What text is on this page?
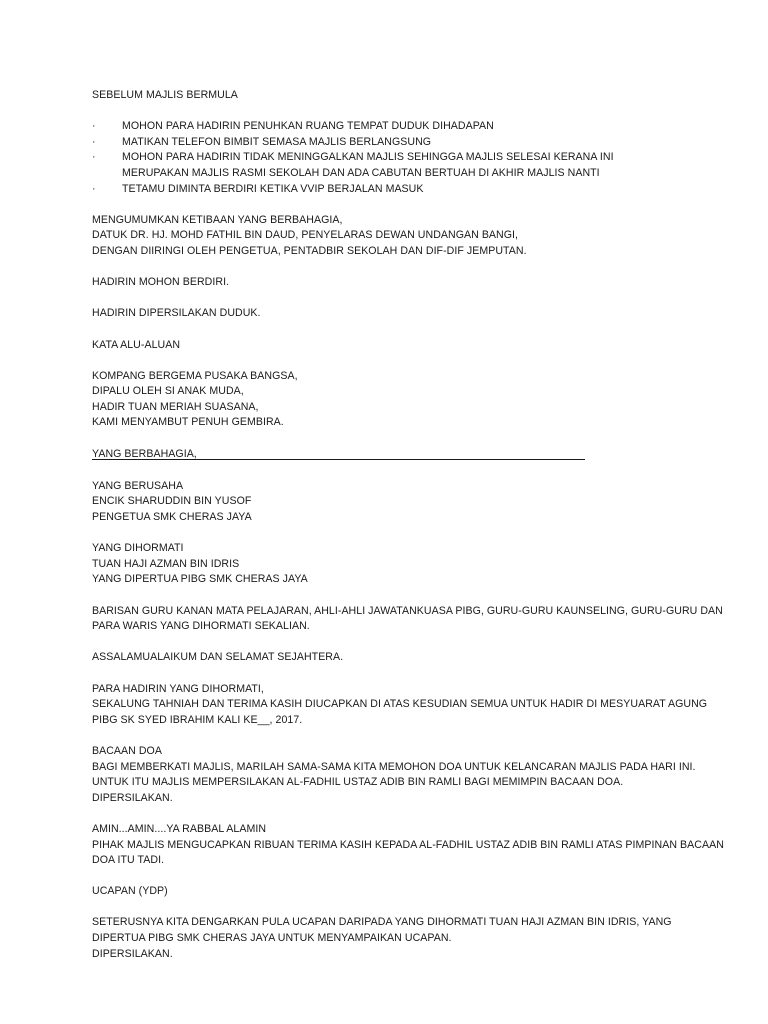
SEBELUM MAJLIS BERMULA
·	MOHON PARA HADIRIN PENUHKAN RUANG TEMPAT DUDUK DIHADAPAN
·	MATIKAN TELEFON BIMBIT SEMASA MAJLIS BERLANGSUNG
·	MOHON PARA HADIRIN TIDAK MENINGGALKAN MAJLIS SEHINGGA MAJLIS SELESAI KERANA INI
MERUPAKAN MAJLIS RASMI SEKOLAH DAN ADA CABUTAN BERTUAH DI AKHIR MAJLIS NANTI
·	TETAMU DIMINTA BERDIRI KETIKA VVIP BERJALAN MASUK
MENGUMUMKAN KETIBAAN YANG BERBAHAGIA,
DATUK DR. HJ. MOHD FATHIL BIN DAUD, PENYELARAS DEWAN UNDANGAN BANGI,
DENGAN DIIRINGI OLEH PENGETUA, PENTADBIR SEKOLAH DAN DIF-DIF JEMPUTAN.
HADIRIN MOHON BERDIRI.
HADIRIN DIPERSILAKAN DUDUK.
KATA ALU-ALUAN
KOMPANG BERGEMA PUSAKA BANGSA,
DIPALU OLEH SI ANAK MUDA,
HADIR TUAN MERIAH SUASANA,
KAMI MENYAMBUT PENUH GEMBIRA.
YANG BERBAHAGIA,
YANG BERUSAHA
ENCIK SHARUDDIN BIN YUSOF
PENGETUA SMK CHERAS JAYA
YANG DIHORMATI
TUAN HAJI AZMAN BIN IDRIS
YANG DIPERTUA PIBG SMK CHERAS JAYA
BARISAN GURU KANAN MATA PELAJARAN, AHLI-AHLI JAWATANKUASA PIBG, GURU-GURU KAUNSELING, GURU-GURU DAN
PARA WARIS YANG DIHORMATI SEKALIAN.
ASSALAMUALAIKUM DAN SELAMAT SEJAHTERA.
PARA HADIRIN YANG DIHORMATI,
SEKALUNG TAHNIAH DAN TERIMA KASIH DIUCAPKAN DI ATAS KESUDIAN SEMUA UNTUK HADIR DI MESYUARAT AGUNG
PIBG SK SYED IBRAHIM KALI KE__, 2017.
BACAAN DOA
BAGI MEMBERKATI MAJLIS, MARILAH SAMA-SAMA KITA MEMOHON DOA UNTUK KELANCARAN MAJLIS PADA HARI INI.
UNTUK ITU MAJLIS MEMPERSILAKAN AL-FADHIL USTAZ ADIB BIN RAMLI BAGI MEMIMPIN BACAAN DOA.
DIPERSILAKAN.
AMIN...AMIN....YA RABBAL ALAMIN
PIHAK MAJLIS MENGUCAPKAN RIBUAN TERIMA KASIH KEPADA AL-FADHIL USTAZ ADIB BIN RAMLI ATAS PIMPINAN BACAAN
DOA ITU TADI.
UCAPAN (YDP)
SETERUSNYA KITA DENGARKAN PULA UCAPAN DARIPADA YANG DIHORMATI TUAN HAJI AZMAN BIN IDRIS, YANG
DIPERTUA PIBG SMK CHERAS JAYA UNTUK MENYAMPAIKAN UCAPAN.
DIPERSILAKAN.
